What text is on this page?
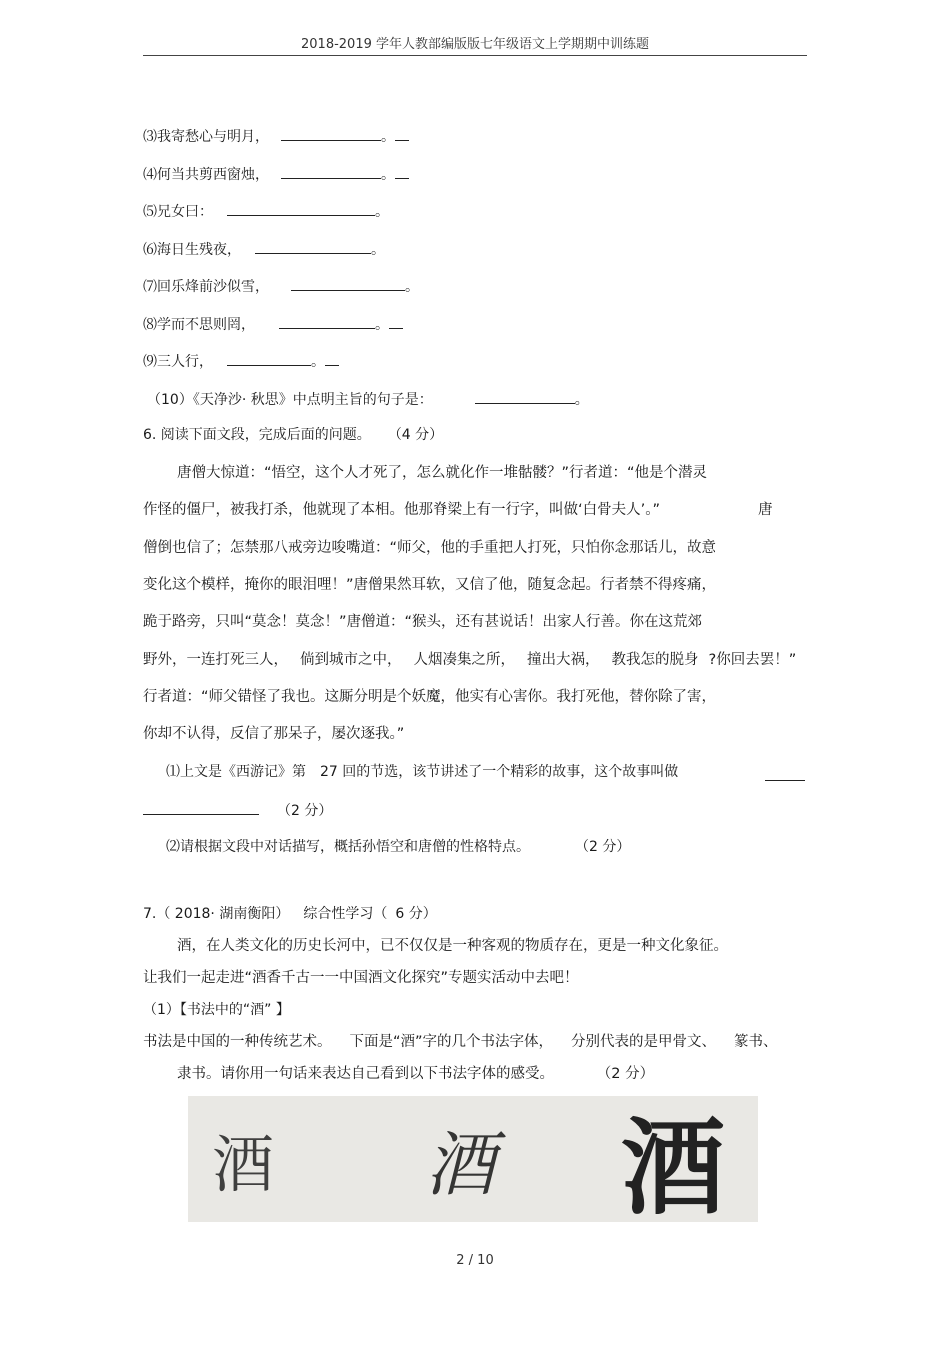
2018-2019 学年人教部编版版七年级语文上学期期中训练题
⑶我寄愁心与明月，	。
⑷何当共剪西窗烛，	。
⑸兄女曰：	。
⑹海日生残夜，	。
⑺回乐烽前沙似雪，	。
⑻学而不思则罔，	。
⑼三人行，	。
（10）《天净沙· 秋思》中点明主旨的句子是：	。
6. 阅读下面文段，完成后面的问题。 （4 分）
唐僧大惊道：“悟空，这个人才死了，怎么就化作一堆骷髅？”行者道：“他是个潜灵
作怪的僵尸，被我打杀，他就现了本相。他那脊梁上有一行字，叫做‘白骨夫人’。”	唐
僧倒也信了；怎禁那八戒旁边唆嘴道：“师父，他的手重把人打死，只怕你念那话儿，故意
变化这个模样，掩你的眼泪哩！”唐僧果然耳软，又信了他，随复念起。行者禁不得疼痛，
跪于路旁，只叫“莫念！莫念！”唐僧道：“猴头，还有甚说话！出家人行善。你在这荒郊
野外，一连打死三人， 倘到城市之中， 人烟凑集之所， 撞出大祸， 教我怎的脱身 ?你回去罢！”
行者道：“师父错怪了我也。这厮分明是个妖魔，他实有心害你。我打死他，替你除了害，
你却不认得，反信了那呆子，屡次逐我。”
⑴上文是《西游记》第 27 回的节选，该节讲述了一个精彩的故事，这个故事叫做
（2 分）
⑵请根据文段中对话描写，概括孙悟空和唐僧的性格特点。	（2 分）
7.（ 2018· 湖南衡阳） 综合性学习（ 6 分）
酒，在人类文化的历史长河中，已不仅仅是一种客观的物质存在，更是一种文化象征。
让我们一起走进“酒香千古一一中国酒文化探究”专题实活动中去吧！
（1）【书法中的“酒” 】
书法是中国的一种传统艺术。 下面是“酒”字的几个书法字体， 分别代表的是甲骨文、 篆书、
隶书。请你用一句话来表达自己看到以下书法字体的感受。	（2 分）
酒 酒 酒
2 / 10
